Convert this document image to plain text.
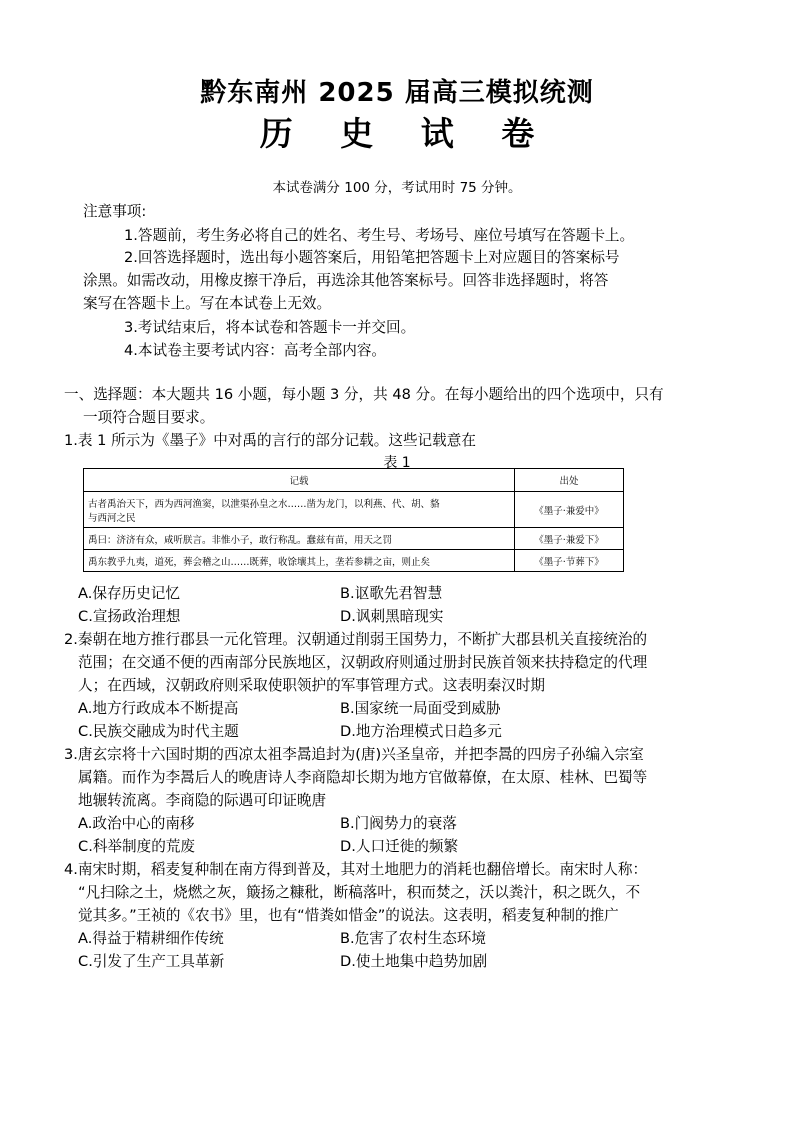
黔东南州 2025 届高三模拟统测
历 史 试 卷
本试卷满分 100 分，考试用时 75 分钟。
注意事项:
1.答题前，考生务必将自己的姓名、考生号、考场号、座位号填写在答题卡上。
2.回答选择题时，选出每小题答案后，用铅笔把答题卡上对应题目的答案标号
涂黑。如需改动，用橡皮擦干净后，再选涂其他答案标号。回答非选择题时，将答
案写在答题卡上。写在本试卷上无效。
3.考试结束后，将本试卷和答题卡一并交回。
4.本试卷主要考试内容：高考全部内容。
一、选择题：本大题共 16 小题，每小题 3 分，共 48 分。在每小题给出的四个选项中，只有
一项符合题目要求。
1.表 1 所示为《墨子》中对禹的言行的部分记载。这些记载意在
表 1
记载	出处
古者禹治天下，西为西河渔窦，以泄渠孙皇之水……凿为龙门，以利燕、代、胡、貉
与西河之民	《墨子·兼爱中》
禹曰：济济有众，咸听朕言。非惟小子，敢行称乱。蠢兹有苗，用天之罚	《墨子·兼爱下》
禹东教乎九夷，道死，葬会稽之山……既葬，收馀壤其上，垄若参耕之亩，则止矣	《墨子·节葬下》
A.保存历史记忆	B.讴歌先君智慧
C.宣扬政治理想	D.讽刺黑暗现实
2.秦朝在地方推行郡县一元化管理。汉朝通过削弱王国势力，不断扩大郡县机关直接统治的
范围；在交通不便的西南部分民族地区，汉朝政府则通过册封民族首领来扶持稳定的代理
人；在西域，汉朝政府则采取使职领护的军事管理方式。这表明秦汉时期
A.地方行政成本不断提高	B.国家统一局面受到威胁
C.民族交融成为时代主题	D.地方治理模式日趋多元
3.唐玄宗将十六国时期的西凉太祖李暠追封为(唐)兴圣皇帝，并把李暠的四房子孙编入宗室
属籍。而作为李暠后人的晚唐诗人李商隐却长期为地方官做幕僚，在太原、桂林、巴蜀等
地辗转流离。李商隐的际遇可印证晚唐
A.政治中心的南移	B.门阀势力的衰落
C.科举制度的荒废	D.人口迁徙的频繁
4.南宋时期，稻麦复种制在南方得到普及，其对土地肥力的消耗也翻倍增长。南宋时人称：
“凡扫除之土，烧燃之灰，簸扬之糠秕，断稿落叶，积而焚之，沃以粪汁，积之既久，不
觉其多。”王祯的《农书》里，也有“惜粪如惜金”的说法。这表明，稻麦复种制的推广
A.得益于精耕细作传统	B.危害了农村生态环境
C.引发了生产工具革新	D.使土地集中趋势加剧
